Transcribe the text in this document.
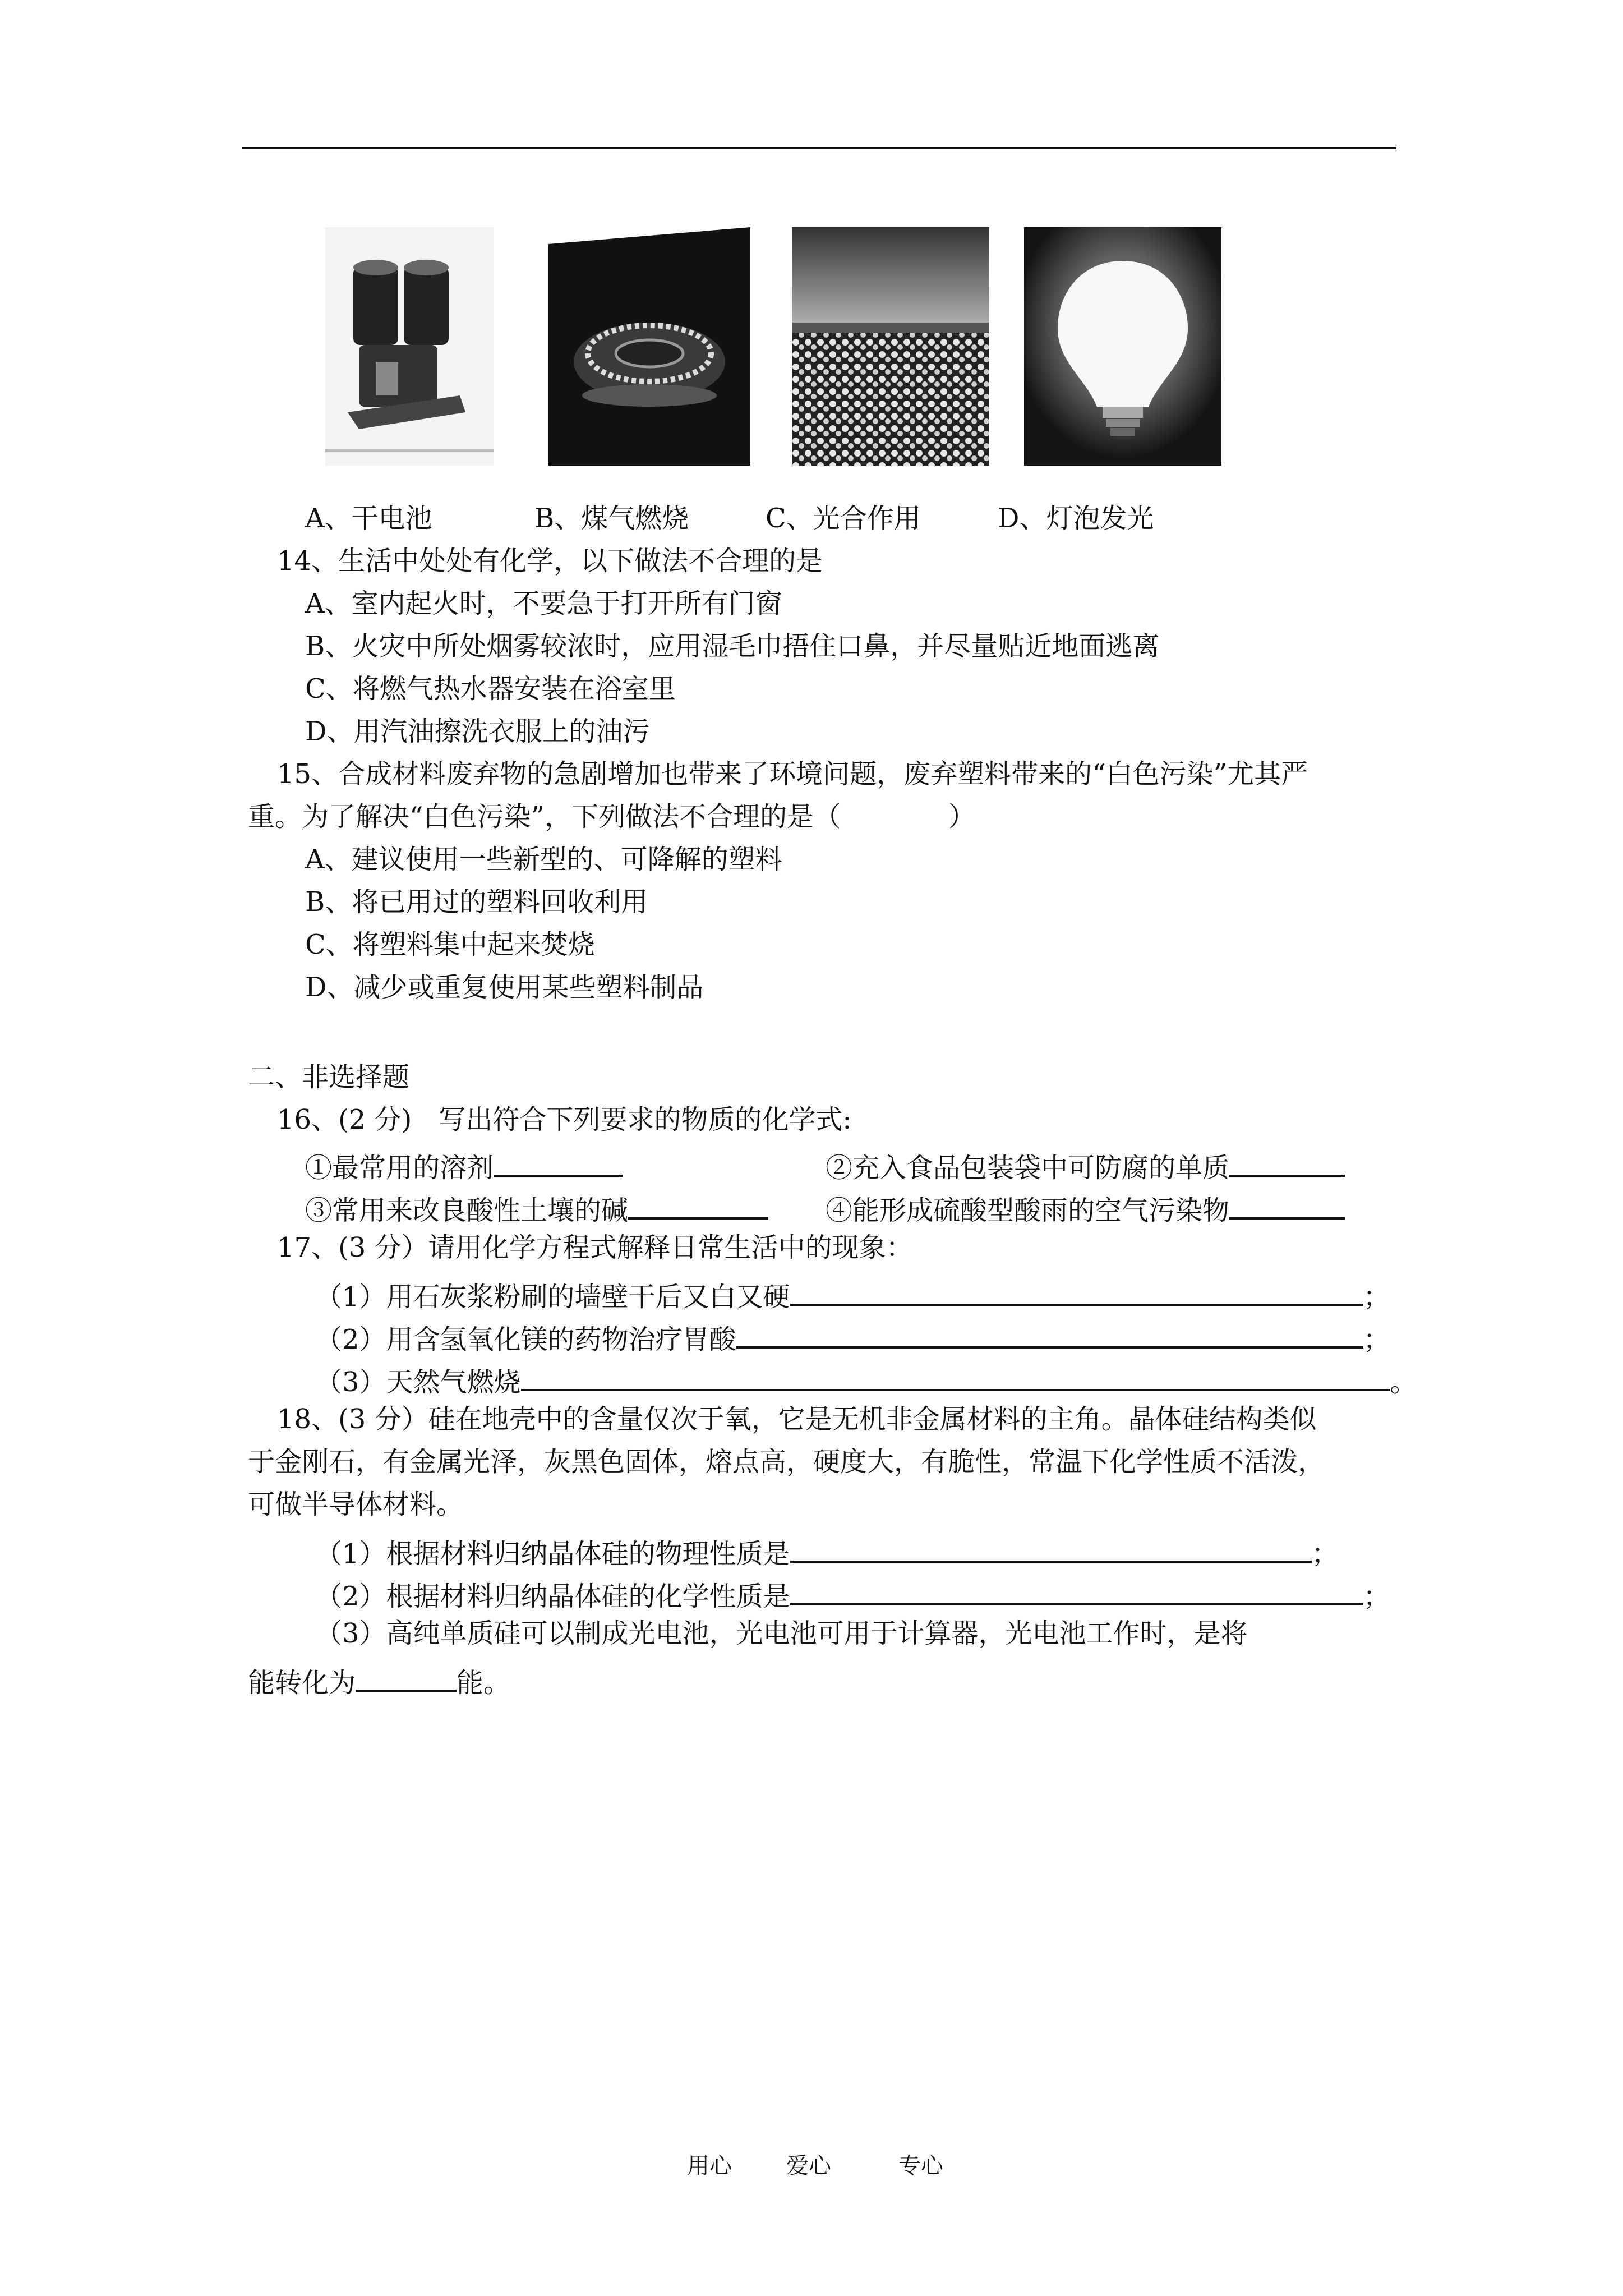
A、干电池	B、煤气燃烧	C、光合作用	D、灯泡发光
14、生活中处处有化学，以下做法不合理的是
A、室内起火时，不要急于打开所有门窗
B、火灾中所处烟雾较浓时，应用湿毛巾捂住口鼻，并尽量贴近地面逃离
C、将燃气热水器安装在浴室里
D、用汽油擦洗衣服上的油污
15、合成材料废弃物的急剧增加也带来了环境问题，废弃塑料带来的“白色污染”尤其严
重。为了解决“白色污染”，下列做法不合理的是（　　　　）
A、建议使用一些新型的、可降解的塑料
B、将已用过的塑料回收利用
C、将塑料集中起来焚烧
D、减少或重复使用某些塑料制品
二、非选择题
16、(2 分)　写出符合下列要求的物质的化学式:
①最常用的溶剂	②充入食品包装袋中可防腐的单质
③常用来改良酸性土壤的碱	④能形成硫酸型酸雨的空气污染物
17、(3 分）请用化学方程式解释日常生活中的现象：
（1）用石灰浆粉刷的墙壁干后又白又硬	；
（2）用含氢氧化镁的药物治疗胃酸	；
（3）天然气燃烧	。
18、(3 分）硅在地壳中的含量仅次于氧，它是无机非金属材料的主角。晶体硅结构类似
于金刚石，有金属光泽，灰黑色固体，熔点高，硬度大，有脆性，常温下化学性质不活泼，
可做半导体材料。
（1）根据材料归纳晶体硅的物理性质是	；
（2）根据材料归纳晶体硅的化学性质是	；
（3）高纯单质硅可以制成光电池，光电池可用于计算器，光电池工作时，是将
能转化为	能。
用心 爱心	专心
